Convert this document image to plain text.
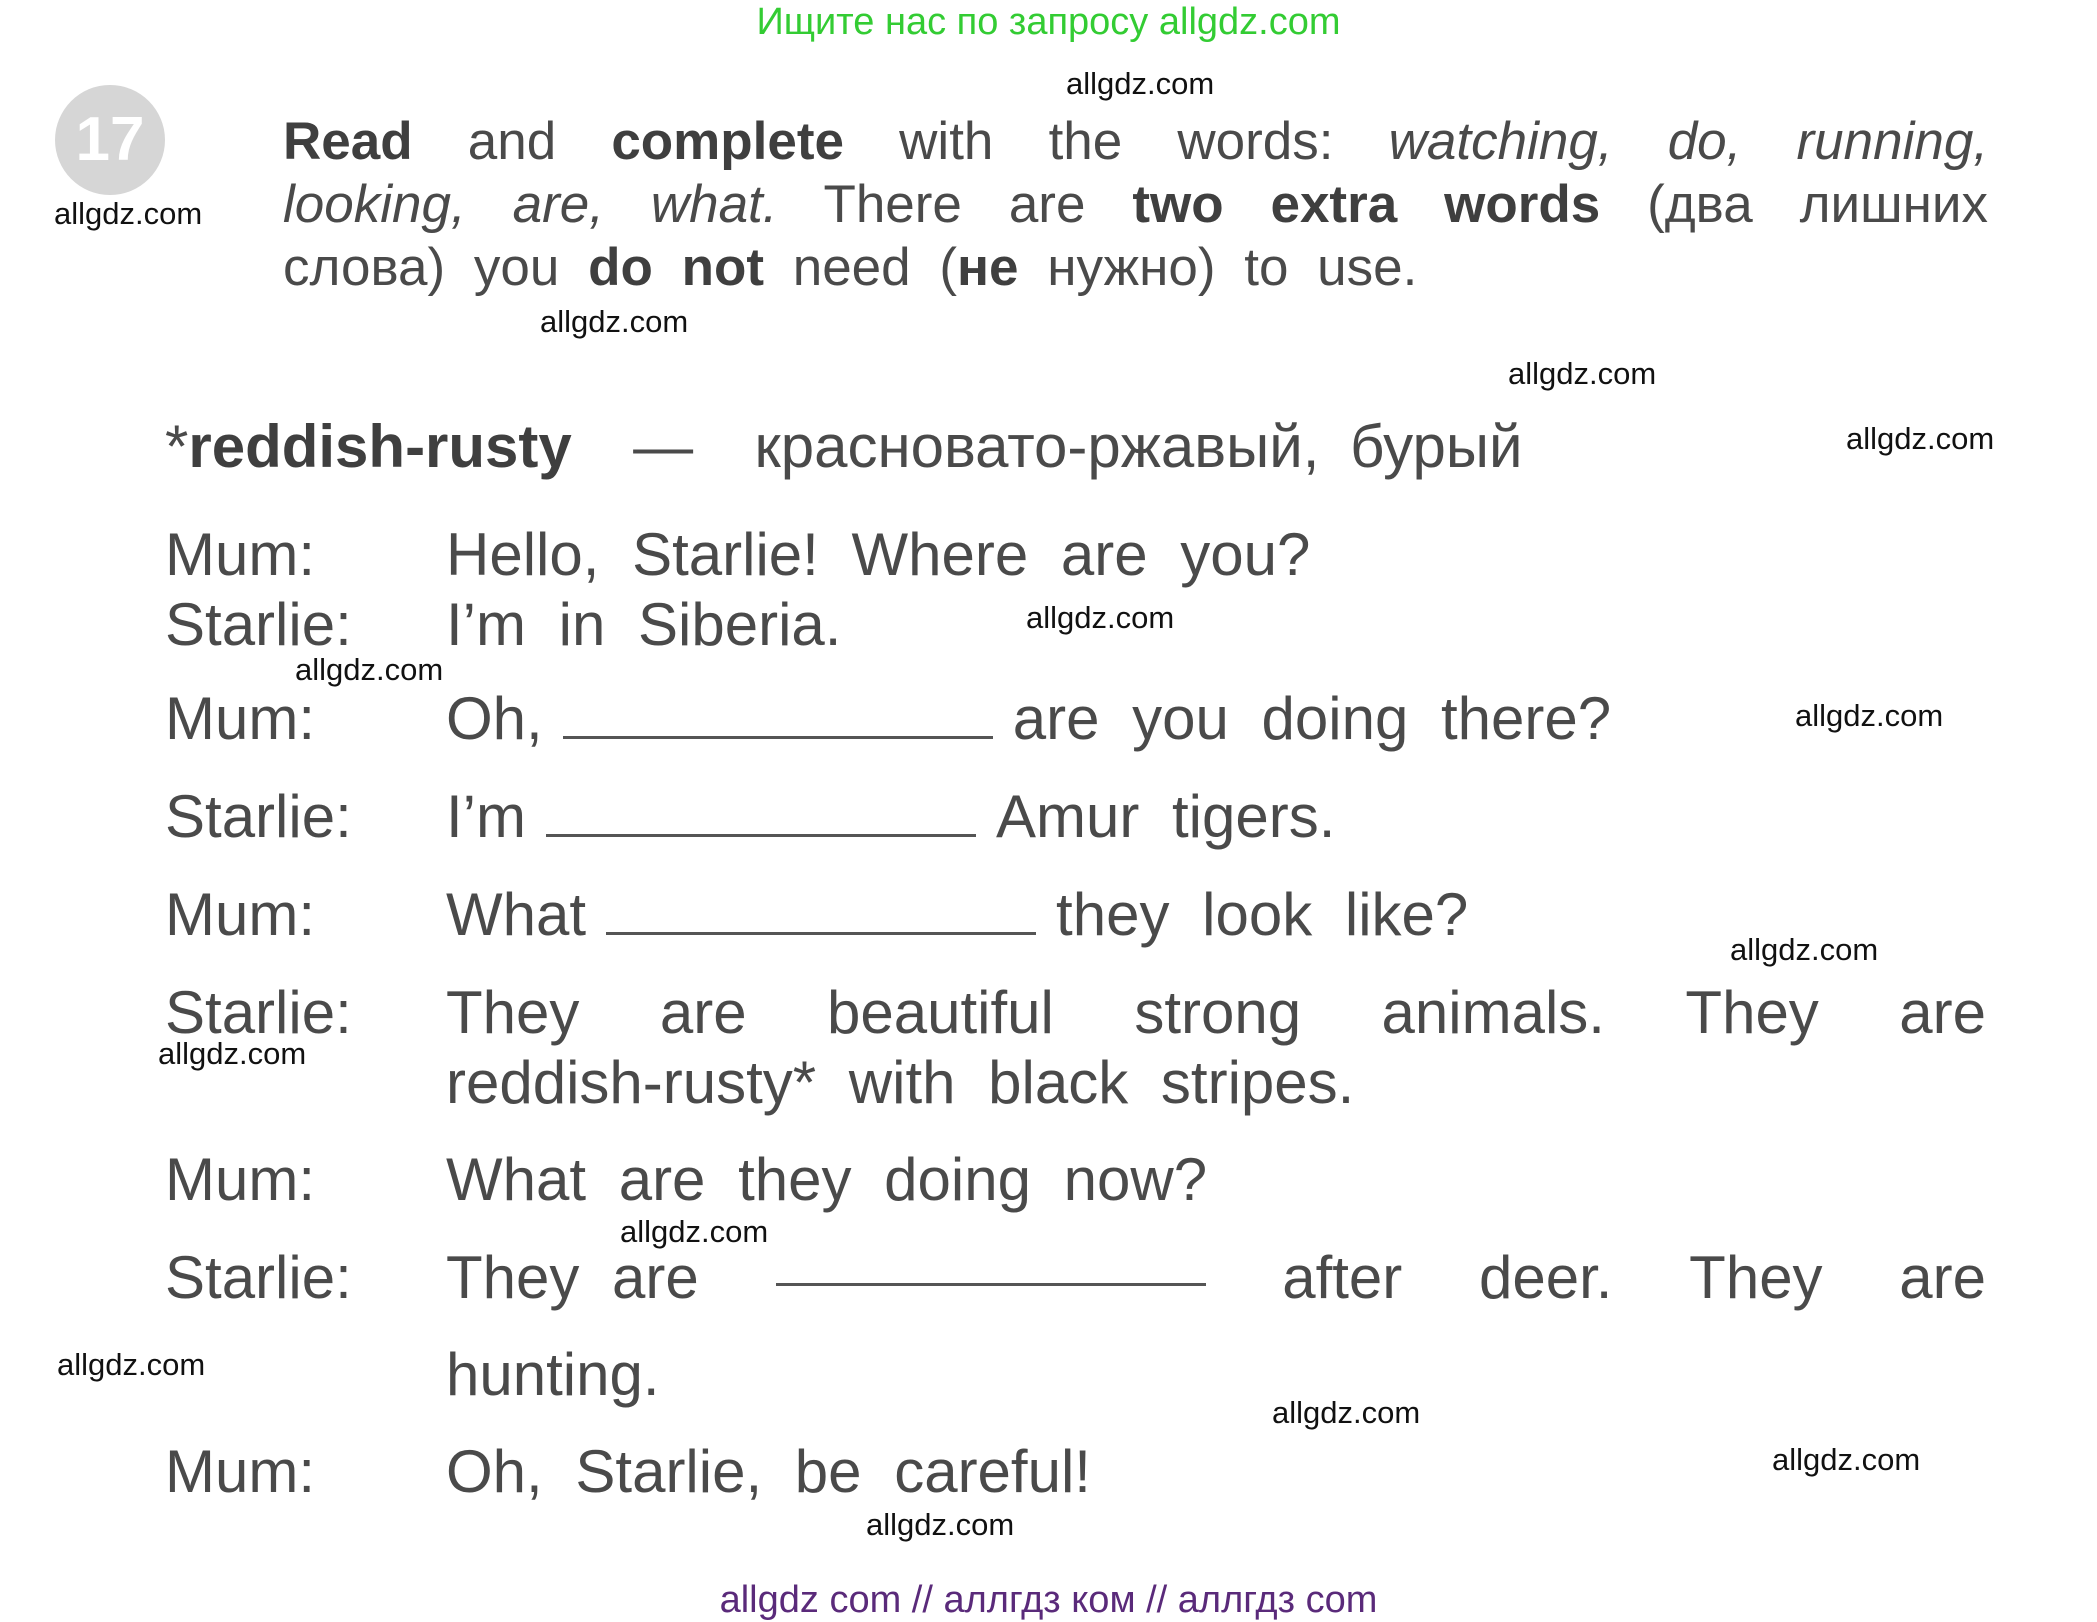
Ищите нас по запросу allgdz.com
17	Read and complete with the words: watching, do, running, looking, are, what. There are two extra words (два лишних слова) you do not need (не нужно) to use.
*reddish-rusty — красновато-ржавый, бурый
Mum: Hello, Starlie! Where are you?
Starlie: I’m in Siberia.
Mum: Oh,	are you doing there?
Starlie: I’m	Amur tigers.
Mum: What	they look like?
Starlie: They are beautiful strong animals. They are
reddish-rusty* with black stripes.
Mum: What are they doing now?
Starlie: They are	after deer. They are
hunting.
Mum: Oh, Starlie, be careful!
allgdz.com
allgdz.com
allgdz.com
allgdz.com
allgdz.com
allgdz.com
allgdz.com
allgdz.com
allgdz.com
allgdz.com
allgdz.com
allgdz.com
allgdz.com
allgdz.com
allgdz.com
allgdz com // аллгдз ком // аллгдз com
